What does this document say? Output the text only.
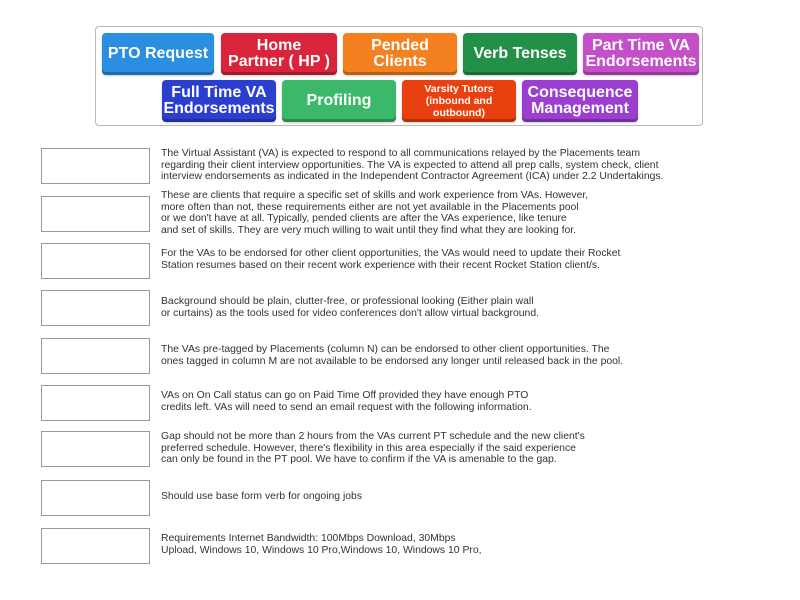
PTO Request	Home
Partner ( HP )
Pended
Clients	Verb Tenses	Part Time VA
Endorsements
Full Time VA
Endorsements Profiling
Varsity Tutors
(inbound and
outbound)
Consequence
Management
The Virtual Assistant (VA) is expected to respond to all communications relayed by the Placements team
regarding their client interview opportunities. The VA is expected to attend all prep calls, system check, client
interview endorsements as indicated in the Independent Contractor Agreement (ICA) under 2.2 Undertakings.
These are clients that require a specific set of skills and work experience from VAs. However,
more often than not, these requirements either are not yet available in the Placements pool
or we don't have at all. Typically, pended clients are after the VAs experience, like tenure
and set of skills. They are very much willing to wait until they find what they are looking for.
For the VAs to be endorsed for other client opportunities, the VAs would need to update their Rocket
Station resumes based on their recent work experience with their recent Rocket Station client/s.
Background should be plain, clutter-free, or professional looking (Either plain wall
or curtains) as the tools used for video conferences don't allow virtual background.
The VAs pre-tagged by Placements (column N) can be endorsed to other client opportunities. The
ones tagged in column M are not available to be endorsed any longer until released back in the pool.
VAs on On Call status can go on Paid Time Off provided they have enough PTO
credits left. VAs will need to send an email request with the following information.
Gap should not be more than 2 hours from the VAs current PT schedule and the new client's
preferred schedule. However, there's flexibility in this area especially if the said experience
can only be found in the PT pool. We have to confirm if the VA is amenable to the gap.
Should use base form verb for ongoing jobs
Requirements Internet Bandwidth: 100Mbps Download, 30Mbps
Upload, Windows 10, Windows 10 Pro,Windows 10, Windows 10 Pro,
